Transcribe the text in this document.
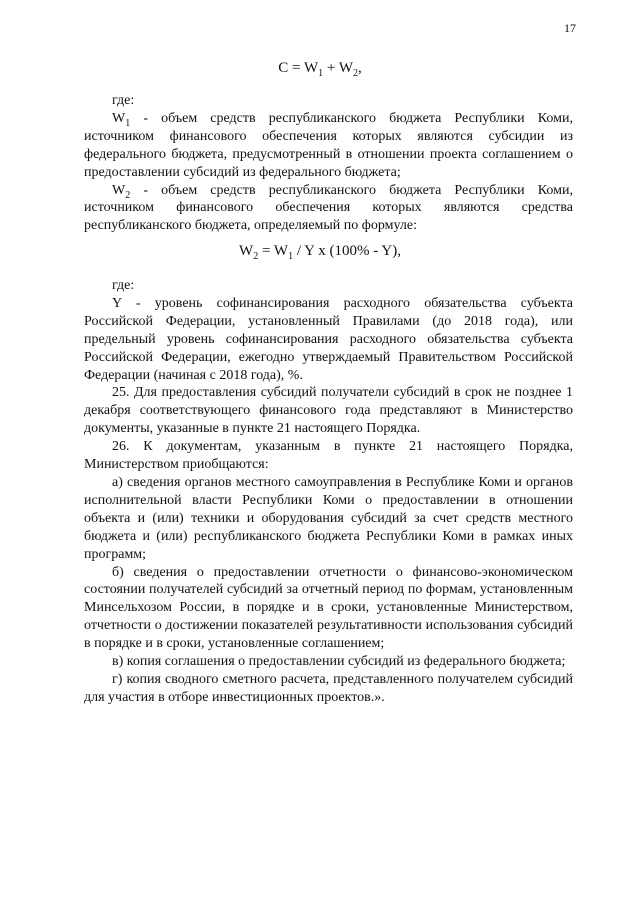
17
$C = W_1 + W_2$,

где:

$W_1$ - объем средств республиканского бюджета Республики Коми, источником финансового обеспечения которых являются субсидии из федерального бюджета, предусмотренный в отношении проекта соглашением о предоставлении субсидий из федерального бюджета;

$W_2$ - объем средств республиканского бюджета Республики Коми, источником финансового обеспечения которых являются средства республиканского бюджета, определяемый по формуле:

$W_2 = W_1 / Y$ x (100% - Y),

где:

Y - уровень софинансирования расходного обязательства субъекта Российской Федерации, установленный Правилами (до 2018 года), или предельный уровень софинансирования расходного обязательства субъекта Российской Федерации, ежегодно утверждаемый Правительством Российской Федерации (начиная с 2018 года), %.

25. Для предоставления субсидий получатели субсидий в срок не позднее 1 декабря соответствующего финансового года представляют в Министерство документы, указанные в пункте 21 настоящего Порядка.

26. К документам, указанным в пункте 21 настоящего Порядка, Министерством приобщаются:

а) сведения органов местного самоуправления в Республике Коми и органов исполнительной власти Республики Коми о предоставлении в отношении объекта и (или) техники и оборудования субсидий за счет средств местного бюджета и (или) республиканского бюджета Республики Коми в рамках иных программ;

б) сведения о предоставлении отчетности о финансово-экономическом состоянии получателей субсидий за отчетный период по формам, установленным Минсельхозом России, в порядке и в сроки, установленные Министерством, отчетности о достижении показателей результативности использования субсидий в порядке и в сроки, установленные соглашением;

в) копия соглашения о предоставлении субсидий из федерального бюджета;

г) копия сводного сметного расчета, представленного получателем субсидий для участия в отборе инвестиционных проектов.».
